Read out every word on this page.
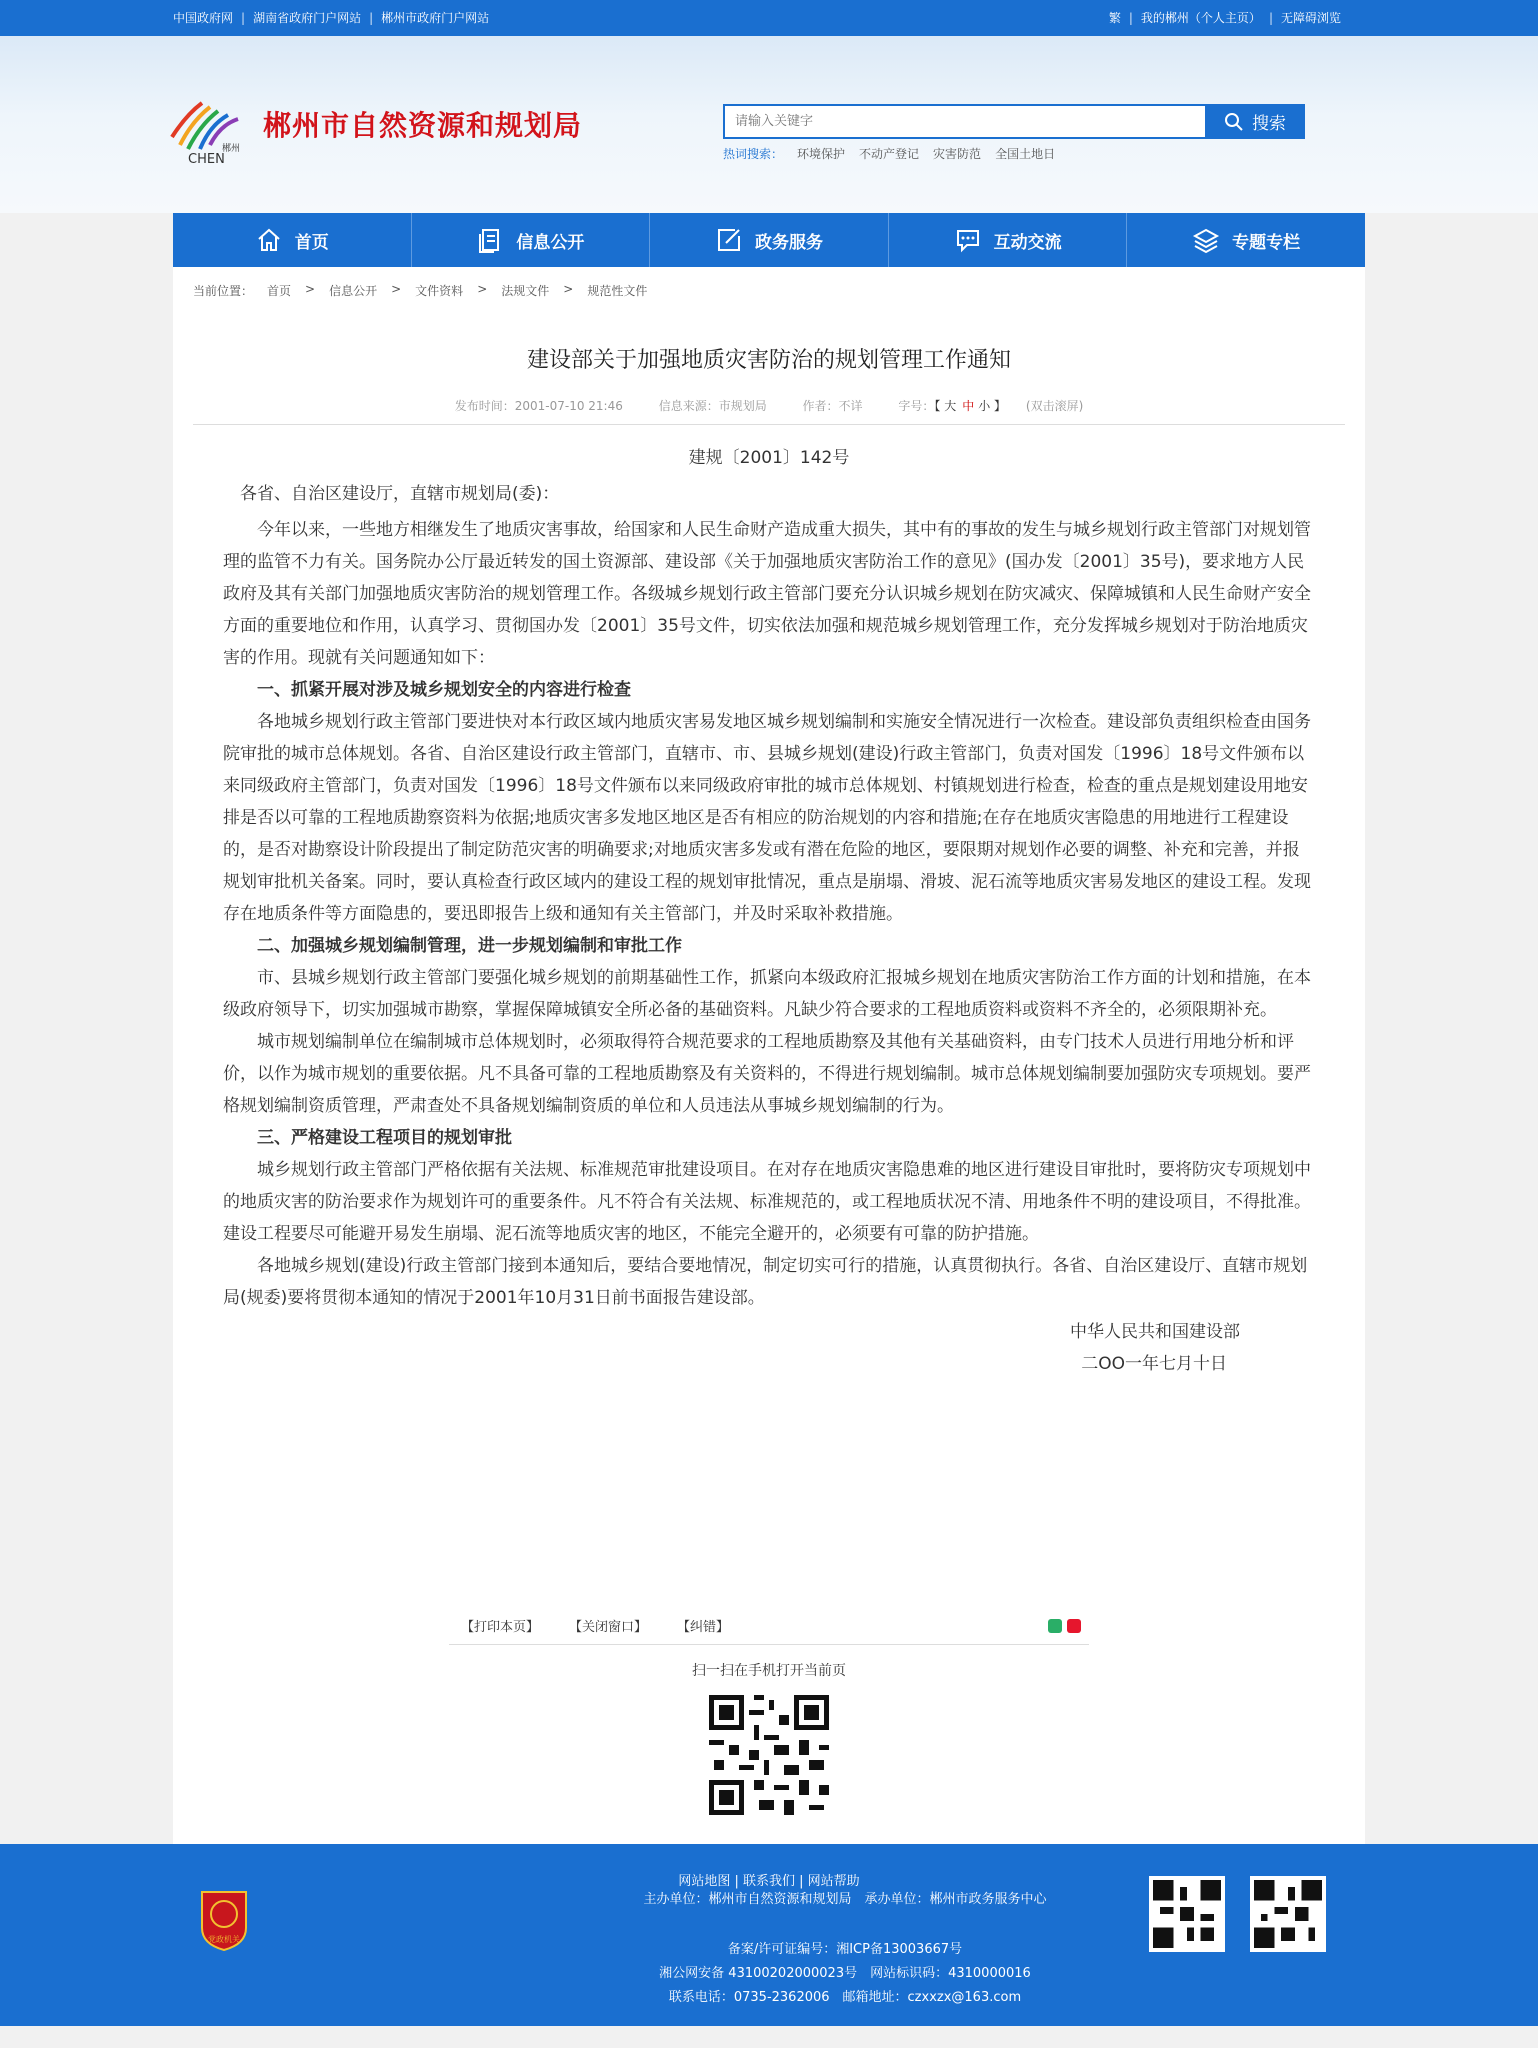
中国政府网 | 湖南省政府门户网站 | 郴州市政府门户网站	繁 | 我的郴州（个人主页） | 无障碍浏览
郴州
CHEN
郴州市自然资源和规划局
请输入关键字	搜索
热词搜索： 环境保护 不动产登记 灾害防范 全国土地日
首页	信息公开	政务服务	互动交流	专题专栏
当前位置： 首页 > 信息公开 > 文件资料 > 法规文件 > 规范性文件
建设部关于加强地质灾害防治的规划管理工作通知
发布时间：2001-07-10 21:46	信息来源：市规划局	作者：不详	字号：【 大 中 小 】 (双击滚屏)

建规〔2001〕142号

各省、自治区建设厅，直辖市规划局(委)：

今年以来，一些地方相继发生了地质灾害事故，给国家和人民生命财产造成重大损失，其中有的事故的发生与城乡规划行政主管部门对规划管理的监管不力有关。国务院办公厅最近转发的国土资源部、建设部《关于加强地质灾害防治工作的意见》(国办发〔2001〕35号)，要求地方人民政府及其有关部门加强地质灾害防治的规划管理工作。各级城乡规划行政主管部门要充分认识城乡规划在防灾减灾、保障城镇和人民生命财产安全方面的重要地位和作用，认真学习、贯彻国办发〔2001〕35号文件，切实依法加强和规范城乡规划管理工作，充分发挥城乡规划对于防治地质灾害的作用。现就有关问题通知如下：

一、抓紧开展对涉及城乡规划安全的内容进行检查

各地城乡规划行政主管部门要进快对本行政区域内地质灾害易发地区城乡规划编制和实施安全情况进行一次检查。建设部负责组织检查由国务院审批的城市总体规划。各省、自治区建设行政主管部门，直辖市、市、县城乡规划(建设)行政主管部门，负责对国发〔1996〕18号文件颁布以来同级政府主管部门，负责对国发〔1996〕18号文件颁布以来同级政府审批的城市总体规划、村镇规划进行检查，检查的重点是规划建设用地安排是否以可靠的工程地质勘察资料为依据;地质灾害多发地区地区是否有相应的防治规划的内容和措施;在存在地质灾害隐患的用地进行工程建设的，是否对勘察设计阶段提出了制定防范灾害的明确要求;对地质灾害多发或有潜在危险的地区，要限期对规划作必要的调整、补充和完善，并报规划审批机关备案。同时，要认真检查行政区域内的建设工程的规划审批情况，重点是崩塌、滑坡、泥石流等地质灾害易发地区的建设工程。发现存在地质条件等方面隐患的，要迅即报告上级和通知有关主管部门，并及时采取补救措施。

二、加强城乡规划编制管理，进一步规划编制和审批工作

市、县城乡规划行政主管部门要强化城乡规划的前期基础性工作，抓紧向本级政府汇报城乡规划在地质灾害防治工作方面的计划和措施，在本级政府领导下，切实加强城市勘察，掌握保障城镇安全所必备的基础资料。凡缺少符合要求的工程地质资料或资料不齐全的，必须限期补充。

城市规划编制单位在编制城市总体规划时，必须取得符合规范要求的工程地质勘察及其他有关基础资料，由专门技术人员进行用地分析和评价，以作为城市规划的重要依据。凡不具备可靠的工程地质勘察及有关资料的，不得进行规划编制。城市总体规划编制要加强防灾专项规划。要严格规划编制资质管理，严肃查处不具备规划编制资质的单位和人员违法从事城乡规划编制的行为。

三、严格建设工程项目的规划审批

城乡规划行政主管部门严格依据有关法规、标准规范审批建设项目。在对存在地质灾害隐患难的地区进行建设目审批时，要将防灾专项规划中的地质灾害的防治要求作为规划许可的重要条件。凡不符合有关法规、标准规范的，或工程地质状况不清、用地条件不明的建设项目，不得批准。建设工程要尽可能避开易发生崩塌、泥石流等地质灾害的地区，不能完全避开的，必须要有可靠的防护措施。

各地城乡规划(建设)行政主管部门接到本通知后，要结合要地情况，制定切实可行的措施，认真贯彻执行。各省、自治区建设厅、直辖市规划局(规委)要将贯彻本通知的情况于2001年10月31日前书面报告建设部。

中华人民共和国建设部

二OO一年七月十日

【打印本页】 【关闭窗口】 【纠错】
扫一扫在手机打开当前页
网站地图 | 联系我们 | 网站帮助
党政机关
主办单位：郴州市自然资源和规划局　承办单位：郴州市政务服务中心
备案/许可证编号：湘ICP备13003667号
湘公网安备 43100202000023号　网站标识码：4310000016
联系电话：0735-2362006　邮箱地址：czxxzx@163.com
